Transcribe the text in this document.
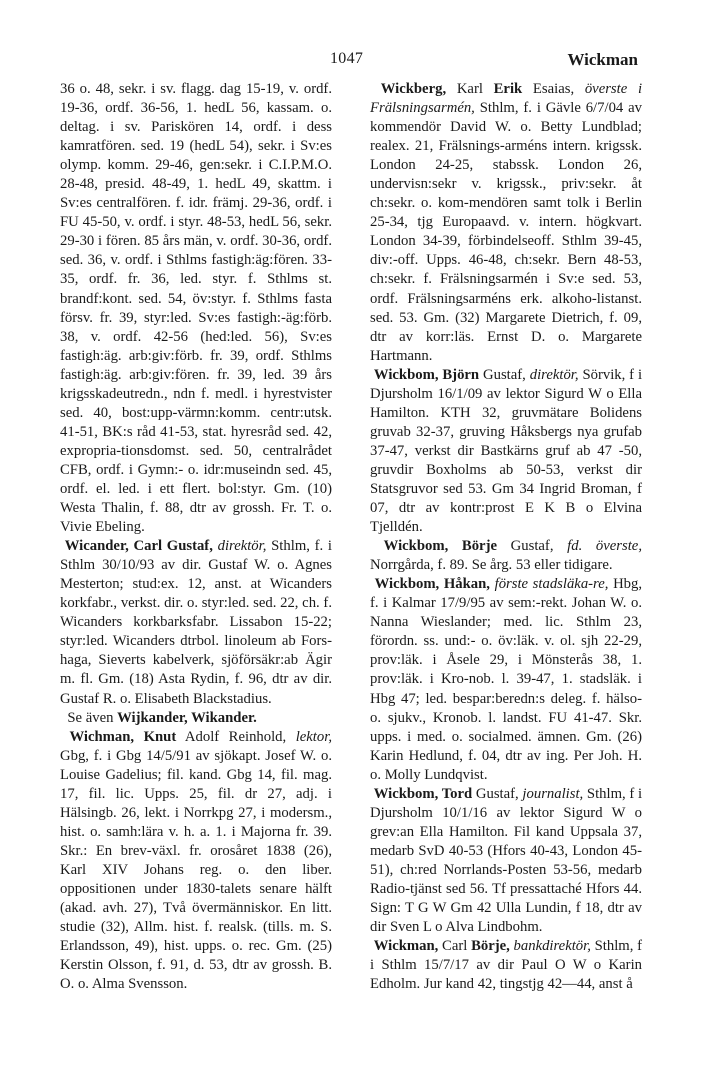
1047	Wickman

36 o. 48, sekr. i sv. flagg. dag 15-19, v. ordf. 19-36, ordf. 36-56, 1. hedL 56, kassam. o. deltag. i sv. Pariskören 14, ordf. i dess kamratfören. sed. 19 (hedL 54), sekr. i Sv:es olymp. komm. 29-46, gen:sekr. i C.I.P.M.O. 28-48, presid. 48-49, 1. hedL 49, skattm. i Sv:es centralfören. f. idr. främj. 29-36, ordf. i FU 45-50, v. ordf. i styr. 48-53, hedL 56, sekr. 29-30 i fören. 85 års män, v. ordf. 30-36, ordf. sed. 36, v. ordf. i Sthlms fastigh:äg:fören. 33-35, ordf. fr. 36, led. styr. f. Sthlms st. brandf:kont. sed. 54, öv:styr. f. Sthlms fasta försv. fr. 39, styr:led. Sv:es fastigh:-äg:förb. 38, v. ordf. 42-56 (hed:led. 56), Sv:es fastigh:äg. arb:giv:förb. fr. 39, ordf. Sthlms fastigh:äg. arb:giv:fören. fr. 39, led. 39 års krigsskadeutredn., ndn f. medl. i hyrestvister sed. 40, bost:upp-värmn:komm. centr:utsk. 41-51, BK:s råd 41-53, stat. hyresråd sed. 42, expropria-tionsdomst. sed. 50, centralrådet CFB, ordf. i Gymn:- o. idr:museindn sed. 45, ordf. el. led. i ett flert. bol:styr. Gm. (10) Westa Thalin, f. 88, dtr av grossh. Fr. T. o. Vivie Ebeling.

Wicander, Carl Gustaf, direktör, Sthlm, f. i Sthlm 30/10/93 av dir. Gustaf W. o. Agnes Mesterton; stud:ex. 12, anst. at Wicanders korkfabr., verkst. dir. o. styr:led. sed. 22, ch. f. Wicanders korkbarksfabr. Lissabon 15-22; styr:led. Wicanders dtrbol. linoleum ab Fors-haga, Sieverts kabelverk, sjöförsäkr:ab Ägir m. fl. Gm. (18) Asta Rydin, f. 96, dtr av dir. Gustaf R. o. Elisabeth Blackstadius.

Se även Wijkander, Wikander.

Wichman, Knut Adolf Reinhold, lektor, Gbg, f. i Gbg 14/5/91 av sjökapt. Josef W. o. Louise Gadelius; fil. kand. Gbg 14, fil. mag. 17, fil. lic. Upps. 25, fil. dr 27, adj. i Hälsingb. 26, lekt. i Norrkpg 27, i modersm., hist. o. samh:lära v. h. a. 1. i Majorna fr. 39. Skr.: En brev-växl. fr. orosåret 1838 (26), Karl XIV Johans reg. o. den liber. oppositionen under 1830-talets senare hälft (akad. avh. 27), Två övermänniskor. En litt. studie (32), Allm. hist. f. realsk. (tills. m. S. Erlandsson, 49), hist. upps. o. rec. Gm. (25) Kerstin Olsson, f. 91, d. 53, dtr av grossh. B. O. o. Alma Svensson.

Wickberg, Karl Erik Esaias, överste i Frälsningsarmén, Sthlm, f. i Gävle 6/7/04 av kommendör David W. o. Betty Lundblad; realex. 21, Frälsnings-arméns intern. krigssk. London 24-25, stabssk. London 26, undervisn:sekr v. krigssk., priv:sekr. åt ch:sekr. o. kom-mendören samt tolk i Berlin 25-34, tjg Europaavd. v. intern. högkvart. London 34-39, förbindelseoff. Sthlm 39-45, div:-off. Upps. 46-48, ch:sekr. Bern 48-53, ch:sekr. f. Frälsningsarmén i Sv:e sed. 53, ordf. Frälsningsarméns erk. alkoho-listanst. sed. 53. Gm. (32) Margarete Dietrich, f. 09, dtr av korr:läs. Ernst D. o. Margarete Hartmann.

Wickbom, Björn Gustaf, direktör, Sörvik, f i Djursholm 16/1/09 av lektor Sigurd W o Ella Hamilton. KTH 32, gruvmätare Bolidens gruvab 32-37, gruving Håksbergs nya grufab 37-47, verkst dir Bastkärns gruf ab 47 -50, gruvdir Boxholms ab 50-53, verkst dir Statsgruvor sed 53. Gm 34 Ingrid Broman, f 07, dtr av kontr:prost E K B o Elvina Tjelldén.

Wickbom, Börje Gustaf, fd. överste, Norrgårda, f. 89. Se årg. 53 eller tidigare.

Wickbom, Håkan, förste stadsläka-re, Hbg, f. i Kalmar 17/9/95 av sem:-rekt. Johan W. o. Nanna Wieslander; med. lic. Sthlm 23, förordn. ss. und:- o. öv:läk. v. ol. sjh 22-29, prov:läk. i Åsele 29, i Mönsterås 38, 1. prov:läk. i Kro-nob. l. 39-47, 1. stadsläk. i Hbg 47; led. bespar:beredn:s deleg. f. hälso- o. sjukv., Kronob. l. landst. FU 41-47. Skr. upps. i med. o. socialmed. ämnen. Gm. (26) Karin Hedlund, f. 04, dtr av ing. Per Joh. H. o. Molly Lundqvist.

Wickbom, Tord Gustaf, journalist, Sthlm, f i Djursholm 10/1/16 av lektor Sigurd W o grev:an Ella Hamilton. Fil kand Uppsala 37, medarb SvD 40-53 (Hfors 40-43, London 45-51), ch:red Norrlands-Posten 53-56, medarb Radio-tjänst sed 56. Tf pressattaché Hfors 44. Sign: T G W Gm 42 Ulla Lundin, f 18, dtr av dir Sven L o Alva Lindbohm.

Wickman, Carl Börje, bankdirektör, Sthlm, f i Sthlm 15/7/17 av dir Paul O W o Karin Edholm. Jur kand 42, tingstjg 42—44, anst å
